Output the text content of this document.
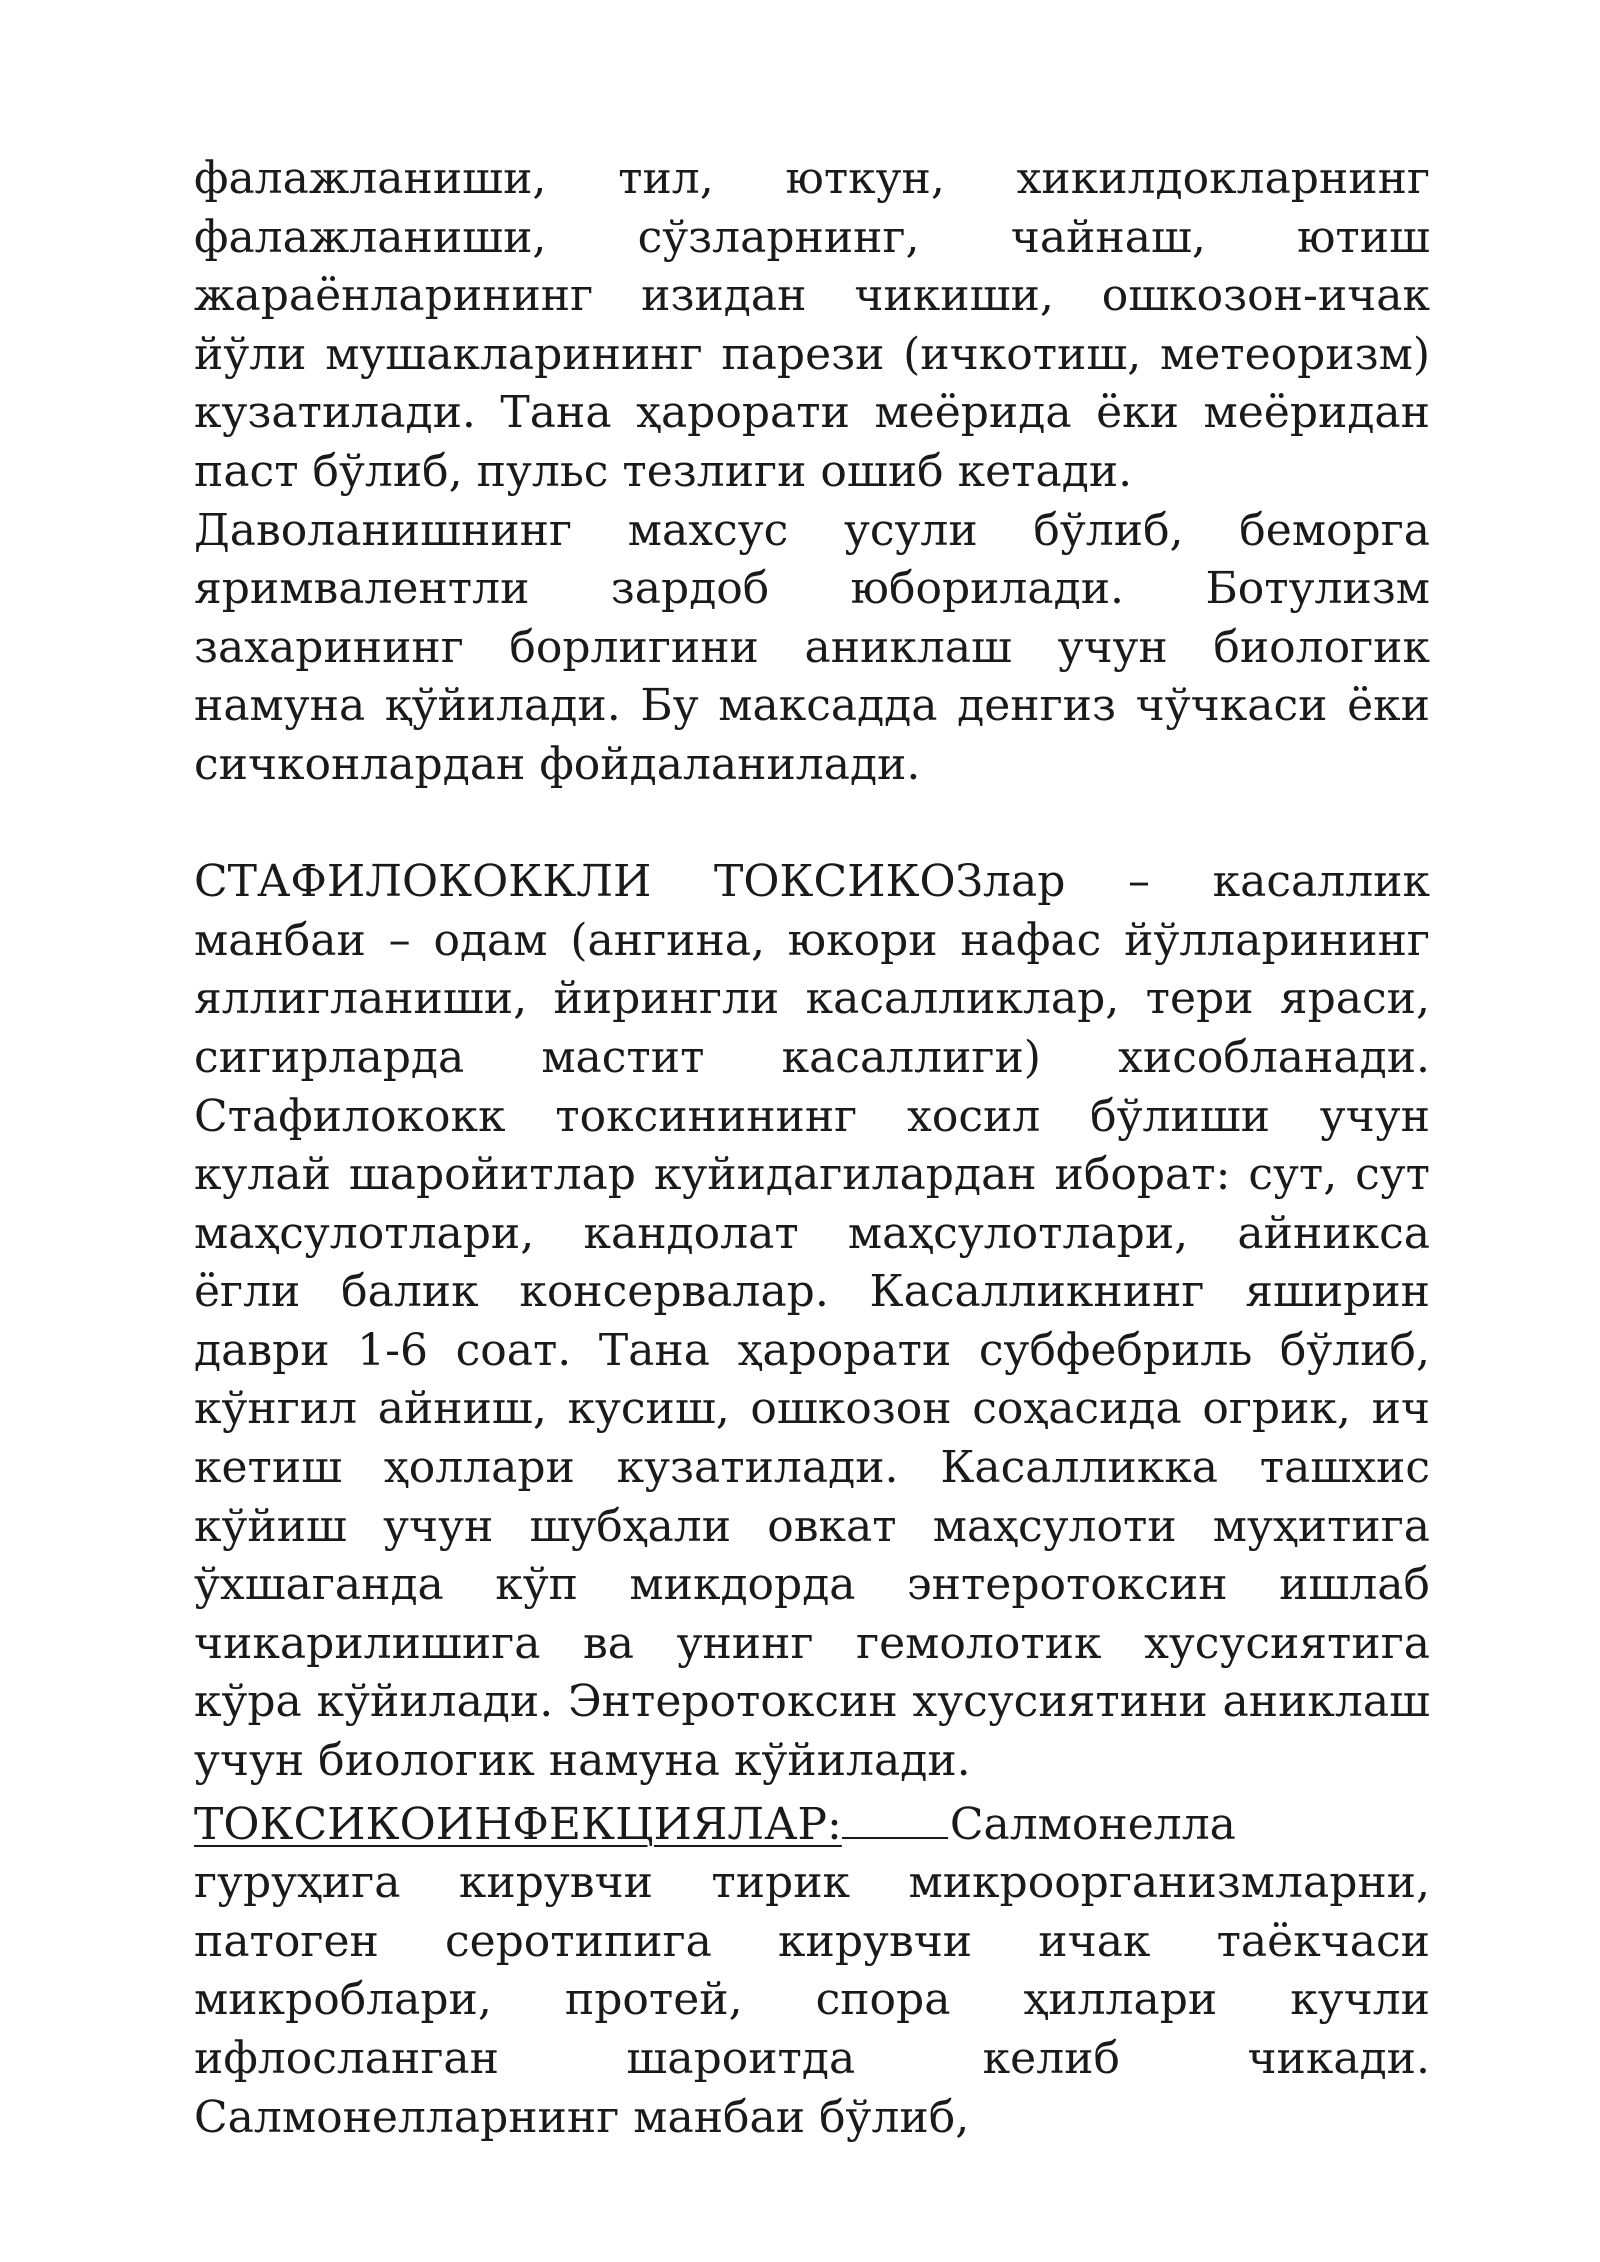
фалажланиши, тил, юткун, хикилдокларнинг фалажланиши, сўзларнинг, чайнаш, ютиш жараёнларининг изидан чикиши, ошкозон-ичак йўли мушакларининг парези (ичкотиш, метеоризм) кузатилади. Тана ҳарорати меёрида ёки меёридан паст бўлиб, пульс тезлиги ошиб кетади.

Даволанишнинг махсус усули бўлиб, беморга яримвалентли зардоб юборилади. Ботулизм захарининг борлигини аниклаш учун биологик намуна қўйилади. Бу максадда денгиз чўчкаси ёки сичконлардан фойдаланилади.

СТАФИЛОКОККЛИ ТОКСИКОЗлар – касаллик манбаи – одам (ангина, юкори нафас йўлларининг яллигланиши, йирингли касалликлар, тери яраси, сигирларда мастит касаллиги) хисобланади. Стафилококк токсинининг хосил бўлиши учун кулай шаройитлар куйидагилардан иборат: сут, сут маҳсулотлари, кандолат маҳсулотлари, айникса ёгли балик консервалар. Касалликнинг яширин даври 1-6 соат. Тана ҳарорати субфебриль бўлиб, кўнгил айниш, кусиш, ошкозон соҳасида огрик, ич кетиш ҳоллари кузатилади. Касалликка ташхис кўйиш учун шубҳали овкат маҳсулоти муҳитига ўхшаганда кўп микдорда энтеротоксин ишлаб чикарилишига ва унинг гемолотик хусусиятига кўра кўйилади. Энтеротоксин хусусиятини аниклаш учун биологик намуна кўйилади.

ТОКСИКОИНФЕКЦИЯЛАР: Салмонелла гуруҳига кирувчи тирик микроорганизмларни, патоген серотипига кирувчи ичак таёкчаси микроблари, протей, спора ҳиллари кучли ифлосланган шароитда келиб чикади. Салмонелларнинг манбаи бўлиб,
